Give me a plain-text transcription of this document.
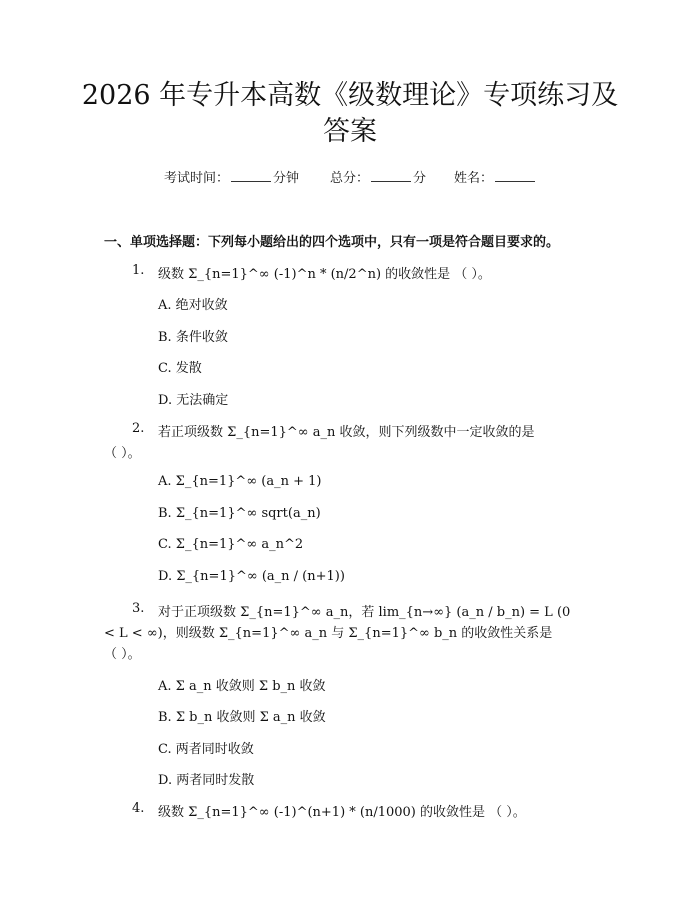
2026 年专升本高数《级数理论》专项练习及
答案
考试时间：	分钟 总分：	分 姓名：
一、单项选择题：下列每小题给出的四个选项中，只有一项是符合题目要求的。
1. 级数 Σ_{n=1}^∞ (-1)^n * (n/2^n) 的收敛性是 （ ）。
A. 绝对收敛
B. 条件收敛
C. 发散
D. 无法确定
2. 若正项级数 Σ_{n=1}^∞ a_n 收敛，则下列级数中一定收敛的是
（ ）。
A. Σ_{n=1}^∞ (a_n + 1)
B. Σ_{n=1}^∞ sqrt(a_n)
C. Σ_{n=1}^∞ a_n^2
D. Σ_{n=1}^∞ (a_n / (n+1))
3. 对于正项级数 Σ_{n=1}^∞ a_n，若 lim_{n→∞} (a_n / b_n) = L (0
< L < ∞)，则级数 Σ_{n=1}^∞ a_n 与 Σ_{n=1}^∞ b_n 的收敛性关系是
（ ）。
A. Σ a_n 收敛则 Σ b_n 收敛
B. Σ b_n 收敛则 Σ a_n 收敛
C. 两者同时收敛
D. 两者同时发散
4. 级数 Σ_{n=1}^∞ (-1)^(n+1) * (n/1000) 的收敛性是 （ ）。
